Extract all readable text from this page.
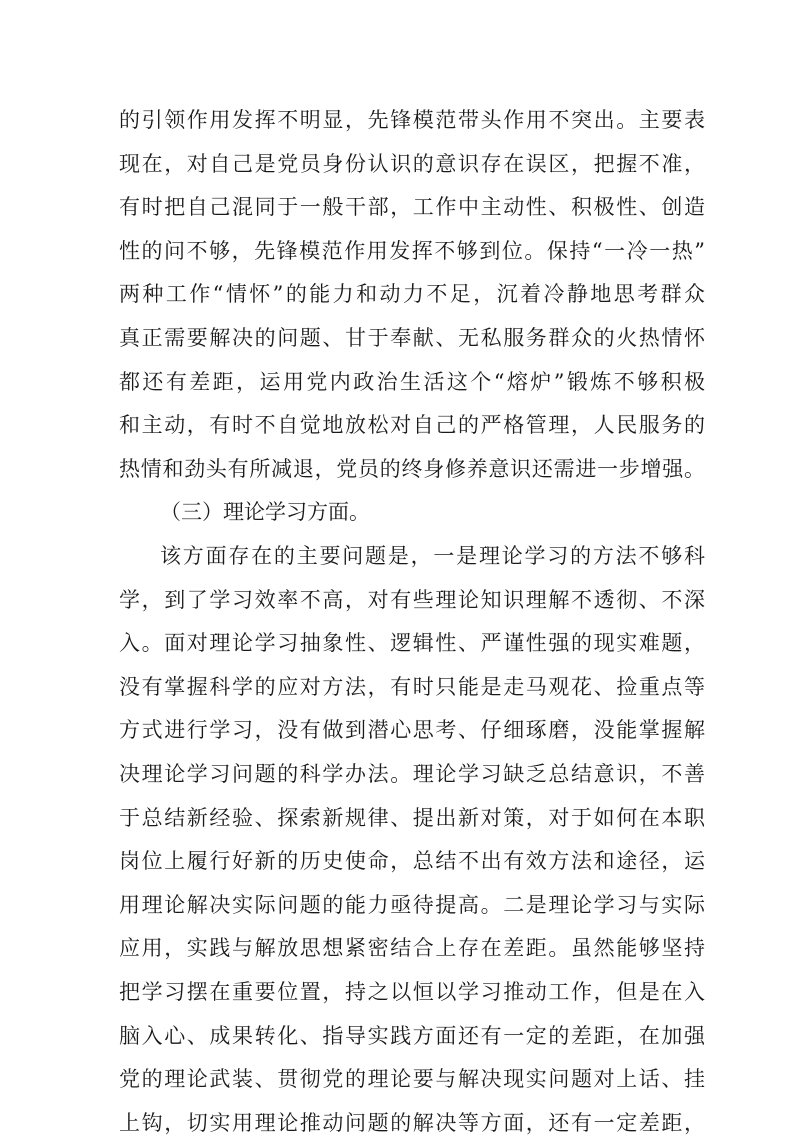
的引领作用发挥不明显，先锋模范带头作用不突出。主要表
现在，对自己是党员身份认识的意识存在误区，把握不准，
有时把自己混同于一般干部，工作中主动性、积极性、创造
性的问不够，先锋模范作用发挥不够到位。保持“一冷一热”
两种工作“情怀”的能力和动力不足，沉着冷静地思考群众
真正需要解决的问题、甘于奉献、无私服务群众的火热情怀
都还有差距，运用党内政治生活这个“熔炉”锻炼不够积极
和主动，有时不自觉地放松对自己的严格管理，人民服务的
热情和劲头有所减退，党员的终身修养意识还需进一步增强。
（三）理论学习方面。
该方面存在的主要问题是，一是理论学习的方法不够科
学，到了学习效率不高，对有些理论知识理解不透彻、不深
入。面对理论学习抽象性、逻辑性、严谨性强的现实难题，
没有掌握科学的应对方法，有时只能是走马观花、捡重点等
方式进行学习，没有做到潜心思考、仔细琢磨，没能掌握解
决理论学习问题的科学办法。理论学习缺乏总结意识，不善
于总结新经验、探索新规律、提出新对策，对于如何在本职
岗位上履行好新的历史使命，总结不出有效方法和途径，运
用理论解决实际问题的能力亟待提高。二是理论学习与实际
应用，实践与解放思想紧密结合上存在差距。虽然能够坚持
把学习摆在重要位置，持之以恒以学习推动工作，但是在入
脑入心、成果转化、指导实践方面还有一定的差距，在加强
党的理论武装、贯彻党的理论要与解决现实问题对上话、挂
上钩，切实用理论推动问题的解决等方面，还有一定差距，
